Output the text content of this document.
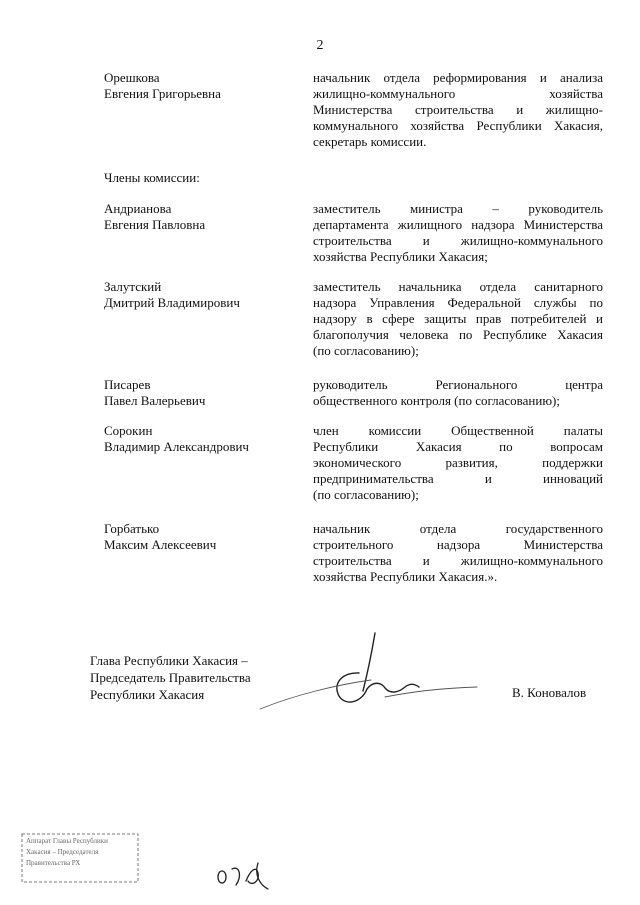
2
Орешкова
Евгения Григорьевна
начальник отдела реформирования и анализа
жилищно-коммунального хозяйства
Министерства строительства и жилищно-
коммунального хозяйства Республики Хакасия,
секретарь комиссии.
Члены комиссии:
Андрианова
Евгения Павловна
заместитель министра – руководитель
департамента жилищного надзора Министерства
строительства и жилищно-коммунального
хозяйства Республики Хакасия;
Залутский
Дмитрий Владимирович
заместитель начальника отдела санитарного
надзора Управления Федеральной службы по
надзору в сфере защиты прав потребителей и
благополучия человека по Республике Хакасия
(по согласованию);
Писарев
Павел Валерьевич
руководитель Регионального центра
общественного контроля (по согласованию);
Сорокин
Владимир Александрович
член комиссии Общественной палаты
Республики Хакасия по вопросам
экономического развития, поддержки
предпринимательства и инноваций
(по согласованию);
Горбатько
Максим Алексеевич
начальник отдела государственного
строительного надзора Министерства
строительства и жилищно-коммунального
хозяйства Республики Хакасия.».
Глава Республики Хакасия –
Председатель Правительства
Республики Хакасия	В. Коновалов
Аппарат Главы Республики
Хакасия – Председателя
Правительства РХ
